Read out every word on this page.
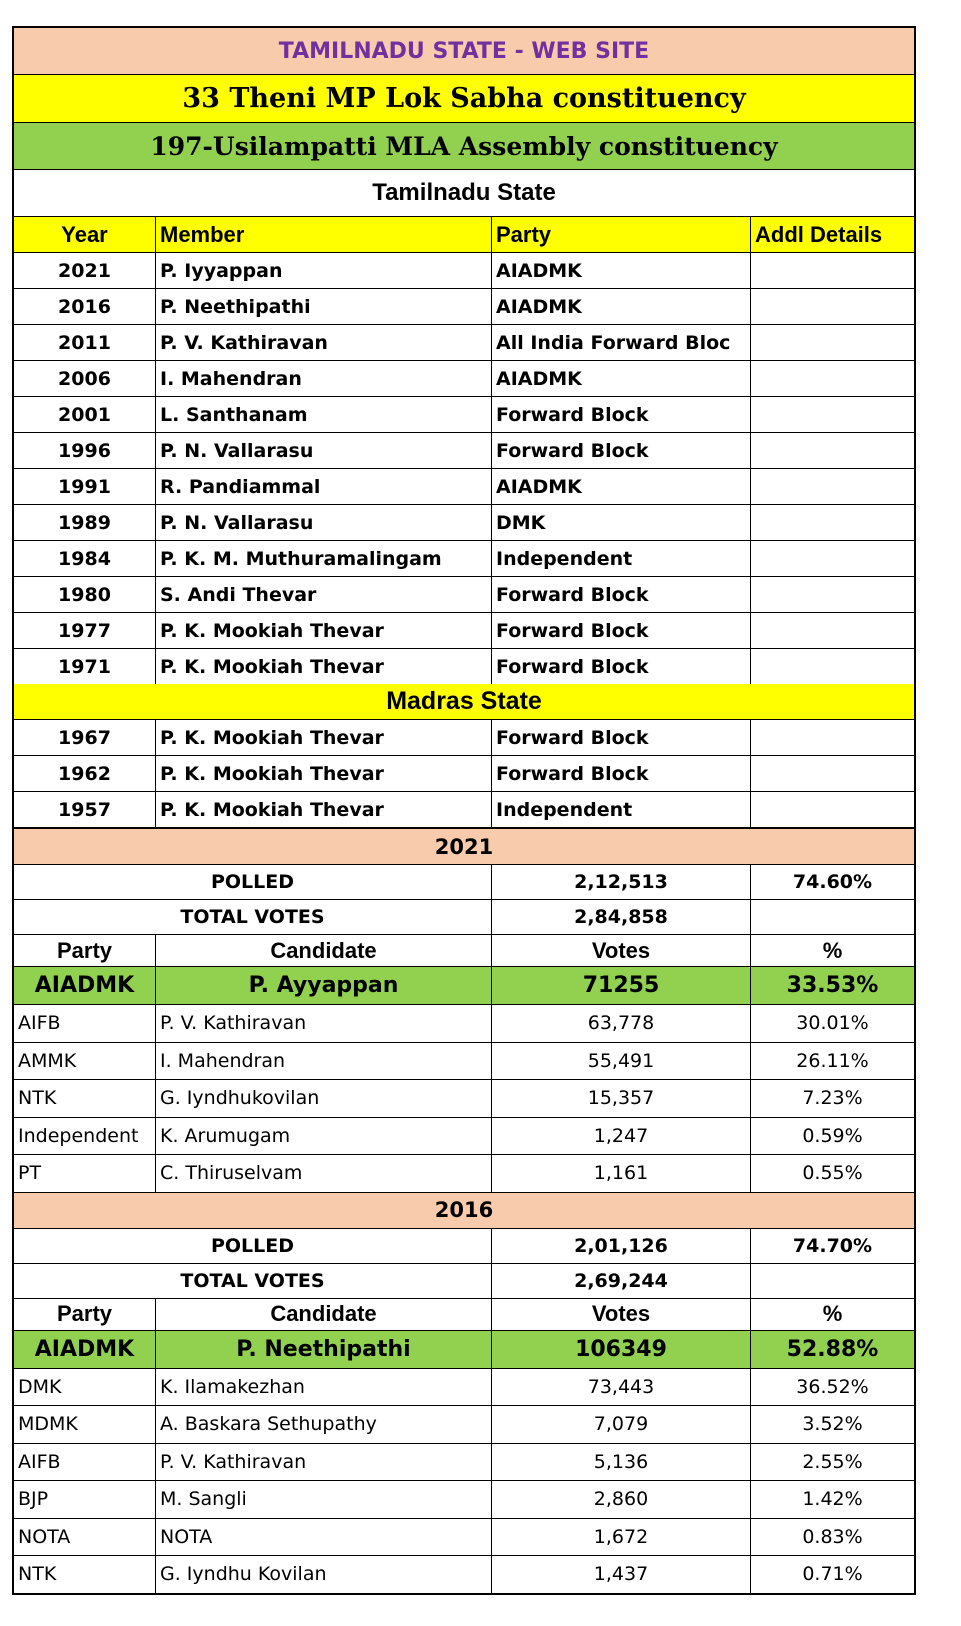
TAMILNADU STATE - WEB SITE
33 Theni MP Lok Sabha constituency
197-Usilampatti MLA Assembly constituency
Tamilnadu State
Year	Member	Party	Addl Details
2021	P. Iyyappan	AIADMK
2016	P. Neethipathi	AIADMK
2011	P. V. Kathiravan	All India Forward Bloc
2006	I. Mahendran	AIADMK
2001	L. Santhanam	Forward Block
1996	P. N. Vallarasu	Forward Block
1991	R. Pandiammal	AIADMK
1989	P. N. Vallarasu	DMK
1984	P. K. M. Muthuramalingam	Independent
1980	S. Andi Thevar	Forward Block
1977	P. K. Mookiah Thevar	Forward Block
1971	P. K. Mookiah Thevar	Forward Block
Madras State
1967	P. K. Mookiah Thevar	Forward Block
1962	P. K. Mookiah Thevar	Forward Block
1957	P. K. Mookiah Thevar	Independent
2021
POLLED	2,12,513	74.60%
TOTAL VOTES	2,84,858
Party	Candidate	Votes	%
AIADMK	P. Ayyappan	71255	33.53%
AIFB	P. V. Kathiravan	63,778	30.01%
AMMK	I. Mahendran	55,491	26.11%
NTK	G. Iyndhukovilan	15,357	7.23%
Independent	K. Arumugam	1,247	0.59%
PT	C. Thiruselvam	1,161	0.55%
2016
POLLED	2,01,126	74.70%
TOTAL VOTES	2,69,244
Party	Candidate	Votes	%
AIADMK	P. Neethipathi	106349	52.88%
DMK	K. Ilamakezhan	73,443	36.52%
MDMK	A. Baskara Sethupathy	7,079	3.52%
AIFB	P. V. Kathiravan	5,136	2.55%
BJP	M. Sangli	2,860	1.42%
NOTA	NOTA	1,672	0.83%
NTK	G. Iyndhu Kovilan	1,437	0.71%
